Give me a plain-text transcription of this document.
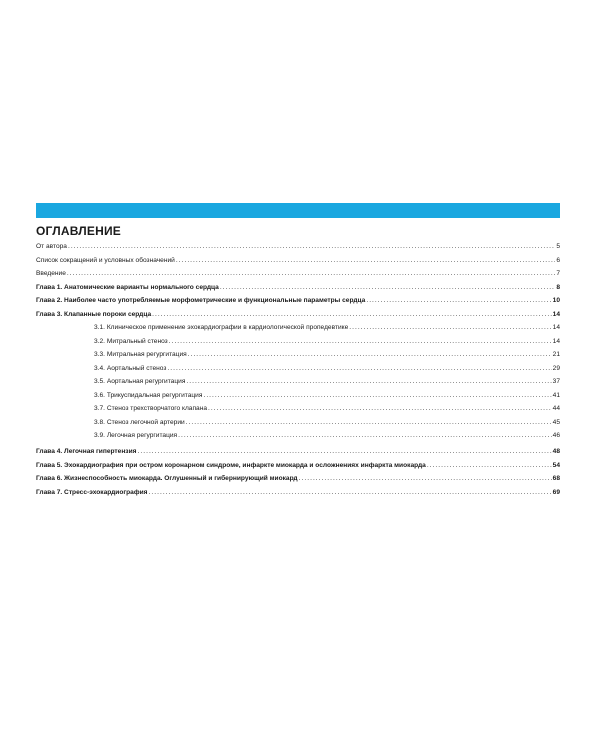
ОГЛАВЛЕНИЕ
От автора . . .	5
Список сокращений и условных обозначений . . .	6
Введение . . .	7
Глава 1. Анатомические варианты нормального сердца . . .	8
Глава 2. Наиболее часто употребляемые морфометрические и функциональные параметры сердца . . .	10
Глава 3. Клапанные пороки сердца . . .	14
3.1. Клиническое применение эхокардиографии в кардиологической пропедевтике . . .	14
3.2. Митральный стеноз . . .	14
3.3. Митральная регургитация . . .	21
3.4. Аортальный стеноз . . .	29
3.5. Аортальная регургитация . . .	37
3.6. Трикуспидальная регургитация . . .	41
3.7. Стеноз трехстворчатого клапана . . .	44
3.8. Стеноз легочной артерии . . .	45
3.9. Легочная регургитация . . .	46
Глава 4. Легочная гипертензия . . .	48
Глава 5. Эхокардиография при остром коронарном синдроме, инфаркте миокарда и осложнениях инфаркта миокарда . . .	54
Глава 6. Жизнеспособность миокарда. Оглушенный и гибернирующий миокард . . .	68
Глава 7. Стресс-эхокардиография . . .	69
